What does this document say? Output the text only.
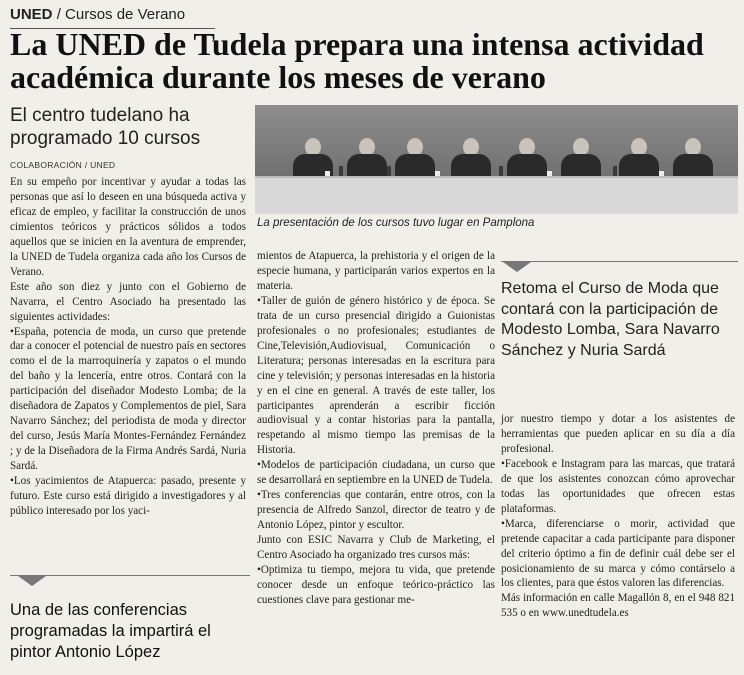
UNED / Cursos de Verano
La UNED de Tudela prepara una intensa actividad académica durante los meses de verano
El centro tudelano ha programado 10 cursos
COLABORACIÓN / UNED
La presentación de los cursos tuvo lugar en Pamplona

En su empeño por incentivar y ayudar a todas las personas que así lo deseen en una búsqueda activa y eficaz de empleo, y facilitar la construcción de unos cimientos teóricos y prácticos sólidos a todos aquellos que se inicien en la aventura de emprender, la UNED de Tudela organiza cada año los Cursos de Verano.

Este año son diez y junto con el Gobierno de Navarra, el Centro Asociado ha presentado las siguientes actividades:

•España, potencia de moda, un curso que pretende dar a conocer el potencial de nuestro país en sectores como el de la marroquinería y zapatos o el mundo del baño y la lencería, entre otros. Contará con la participación del diseñador Modesto Lomba; de la diseñadora de Zapatos y Complementos de piel, Sara Navarro Sánchez; del periodista de moda y director del curso, Jesús María Montes-Fernández Fernández ; y de la Diseñadora de la Firma Andrés Sardá, Nuria Sardá.

•Los yacimientos de Atapuerca: pasado, presente y futuro. Este curso está dirigido a investigadores y al público interesado por los yaci-

mientos de Atapuerca, la prehistoria y el origen de la especie humana, y participarán varios expertos en la materia.

•Taller de guión de género histórico y de época. Se trata de un curso presencial dirigido a Guionistas profesionales o no profesionales; estudiantes de Cine,Televisión,Audiovisual, Comunicación o Literatura; personas interesadas en la escritura para cine y televisión; y personas interesadas en la historia y en el cine en general. A través de este taller, los participantes aprenderán a escribir ficción audiovisual y a contar historias para la pantalla, respetando al mismo tiempo las premisas de la Historia.

•Modelos de participación ciudadana, un curso que se desarrollará en septiembre en la UNED de Tudela.

•Tres conferencias que contarán, entre otros, con la presencia de Alfredo Sanzol, director de teatro y de Antonio López, pintor y escultor.

Junto con ESIC Navarra y Club de Marketing, el Centro Asociado ha organizado tres cursos más:

•Optimiza tu tiempo, mejora tu vida, que pretende conocer desde un enfoque teórico-práctico las cuestiones clave para gestionar me-

Retoma el Curso de Moda que contará con la participación de Modesto Lomba, Sara Navarro Sánchez y Nuria Sardá

jor nuestro tiempo y dotar a los asistentes de herramientas que pueden aplicar en su día a día profesional.

•Facebook e Instagram para las marcas, que tratará de que los asistentes conozcan cómo aprovechar todas las oportunidades que ofrecen estas plataformas.

•Marca, diferenciarse o morir, actividad que pretende capacitar a cada participante para disponer del criterio óptimo a fin de definir cuál debe ser el posicionamiento de su marca y cómo contárselo a los clientes, para que éstos valoren las diferencias.

Más información en calle Magallón 8, en el 948 821 535 o en www.unedtudela.es

Una de las conferencias programadas la impartirá el pintor Antonio López
